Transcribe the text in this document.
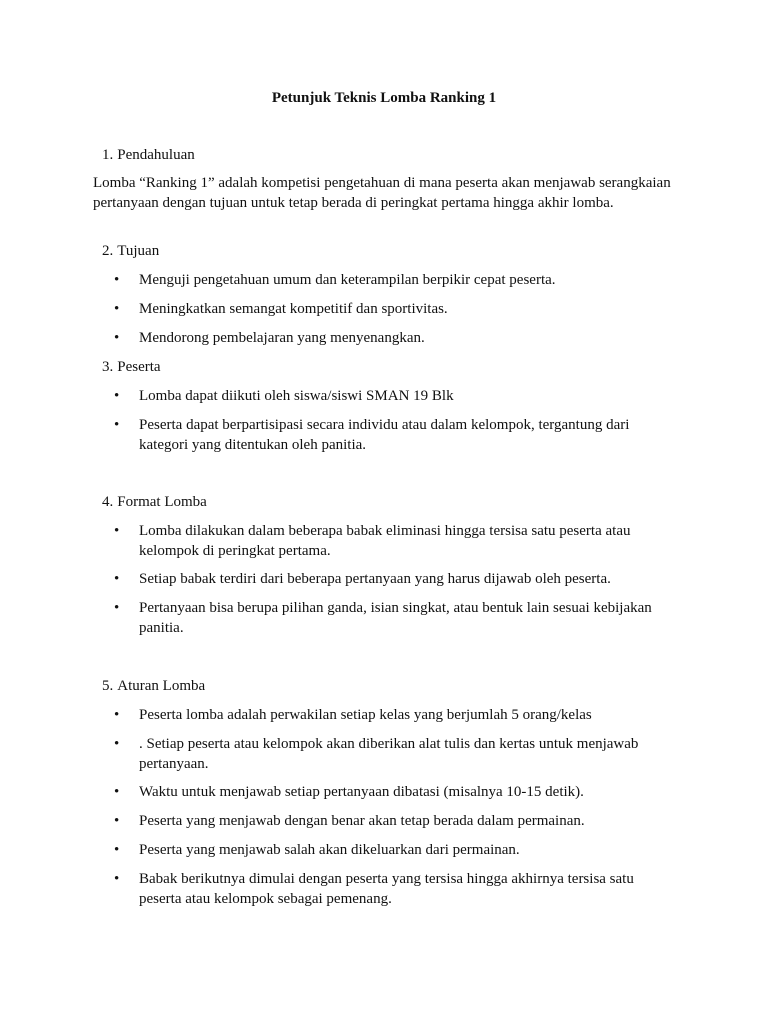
Petunjuk Teknis Lomba Ranking 1

1. Pendahuluan

Lomba “Ranking 1” adalah kompetisi pengetahuan di mana peserta akan menjawab serangkaian pertanyaan dengan tujuan untuk tetap berada di peringkat pertama hingga akhir lomba.

2. Tujuan

•	Menguji pengetahuan umum dan keterampilan berpikir cepat peserta.
•	Meningkatkan semangat kompetitif dan sportivitas.
•	Mendorong pembelajaran yang menyenangkan.

3. Peserta

•	Lomba dapat diikuti oleh siswa/siswi SMAN 19 Blk
•	Peserta dapat berpartisipasi secara individu atau dalam kelompok, tergantung dari kategori yang ditentukan oleh panitia.

4. Format Lomba

•	Lomba dilakukan dalam beberapa babak eliminasi hingga tersisa satu peserta atau kelompok di peringkat pertama.
•	Setiap babak terdiri dari beberapa pertanyaan yang harus dijawab oleh peserta.
•	Pertanyaan bisa berupa pilihan ganda, isian singkat, atau bentuk lain sesuai kebijakan panitia.

5. Aturan Lomba

•	Peserta lomba adalah perwakilan setiap kelas yang berjumlah 5 orang/kelas
•	. Setiap peserta atau kelompok akan diberikan alat tulis dan kertas untuk menjawab pertanyaan.
•	Waktu untuk menjawab setiap pertanyaan dibatasi (misalnya 10-15 detik).
•	Peserta yang menjawab dengan benar akan tetap berada dalam permainan.
•	Peserta yang menjawab salah akan dikeluarkan dari permainan.
•	Babak berikutnya dimulai dengan peserta yang tersisa hingga akhirnya tersisa satu peserta atau kelompok sebagai pemenang.
